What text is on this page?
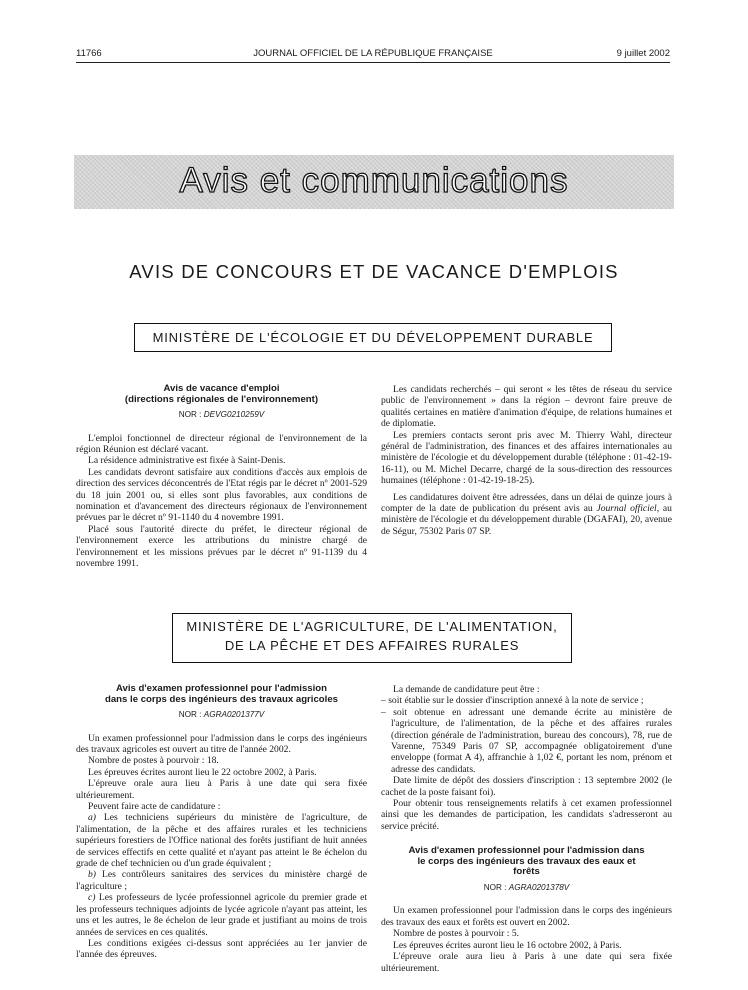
11766	JOURNAL OFFICIEL DE LA RÉPUBLIQUE FRANÇAISE	9 juillet 2002
Avis et communications
AVIS DE CONCOURS ET DE VACANCE D'EMPLOIS
MINISTÈRE DE L'ÉCOLOGIE ET DU DÉVELOPPEMENT DURABLE
Avis de vacance d'emploi
(directions régionales de l'environnement)
NOR : DEVG0210259V

L'emploi fonctionnel de directeur régional de l'environnement de la région Réunion est déclaré vacant.

La résidence administrative est fixée à Saint-Denis.

Les candidats devront satisfaire aux conditions d'accès aux emplois de direction des services déconcentrés de l'Etat régis par le décret nº 2001-529 du 18 juin 2001 ou, si elles sont plus favorables, aux conditions de nomination et d'avancement des directeurs régionaux de l'environnement prévues par le décret nº 91-1140 du 4 novembre 1991.

Placé sous l'autorité directe du préfet, le directeur régional de l'environnement exerce les attributions du ministre chargé de l'environnement et les missions prévues par le décret nº 91-1139 du 4 novembre 1991.

Les candidats recherchés – qui seront « les têtes de réseau du service public de l'environnement » dans la région – devront faire preuve de qualités certaines en matière d'animation d'équipe, de relations humaines et de diplomatie.

Les premiers contacts seront pris avec M. Thierry Wahl, directeur général de l'administration, des finances et des affaires internationales au ministère de l'écologie et du développement durable (téléphone : 01-42-19-16-11), ou M. Michel Decarre, chargé de la sous-direction des ressources humaines (téléphone : 01-42-19-18-25).

Les candidatures doivent être adressées, dans un délai de quinze jours à compter de la date de publication du présent avis au Journal officiel, au ministère de l'écologie et du développement durable (DGAFAI), 20, avenue de Ségur, 75302 Paris 07 SP.

MINISTÈRE DE L'AGRICULTURE, DE L'ALIMENTATION,
DE LA PÊCHE ET DES AFFAIRES RURALES
Avis d'examen professionnel pour l'admission
dans le corps des ingénieurs des travaux agricoles
NOR : AGRA0201377V

Un examen professionnel pour l'admission dans le corps des ingénieurs des travaux agricoles est ouvert au titre de l'année 2002.

Nombre de postes à pourvoir : 18.

Les épreuves écrites auront lieu le 22 octobre 2002, à Paris.

L'épreuve orale aura lieu à Paris à une date qui sera fixée ultérieurement.

Peuvent faire acte de candidature :

a) Les techniciens supérieurs du ministère de l'agriculture, de l'alimentation, de la pêche et des affaires rurales et les techniciens supérieurs forestiers de l'Office national des forêts justifiant de huit années de services effectifs en cette qualité et n'ayant pas atteint le 8e échelon du grade de chef technicien ou d'un grade équivalent ;

b) Les contrôleurs sanitaires des services du ministère chargé de l'agriculture ;

c) Les professeurs de lycée professionnel agricole du premier grade et les professeurs techniques adjoints de lycée agricole n'ayant pas atteint, les uns et les autres, le 8e échelon de leur grade et justifiant au moins de trois années de services en ces qualités.

Les conditions exigées ci-dessus sont appréciées au 1er janvier de l'année des épreuves.

La demande de candidature peut être :

– soit établie sur le dossier d'inscription annexé à la note de service ;

– soit obtenue en adressant une demande écrite au ministère de l'agriculture, de l'alimentation, de la pêche et des affaires rurales (direction générale de l'administration, bureau des concours), 78, rue de Varenne, 75349 Paris 07 SP, accompagnée obligatoirement d'une enveloppe (format A 4), affranchie à 1,02 €, portant les nom, prénom et adresse des candidats.

Date limite de dépôt des dossiers d'inscription : 13 septembre 2002 (le cachet de la poste faisant foi).

Pour obtenir tous renseignements relatifs à cet examen professionnel ainsi que les demandes de participation, les candidats s'adresseront au service précité.

Avis d'examen professionnel pour l'admission dans
le corps des ingénieurs des travaux des eaux et
forêts
NOR : AGRA0201378V

Un examen professionnel pour l'admission dans le corps des ingénieurs des travaux des eaux et forêts est ouvert en 2002.

Nombre de postes à pourvoir : 5.

Les épreuves écrites auront lieu le 16 octobre 2002, à Paris.

L'épreuve orale aura lieu à Paris à une date qui sera fixée ultérieurement.
